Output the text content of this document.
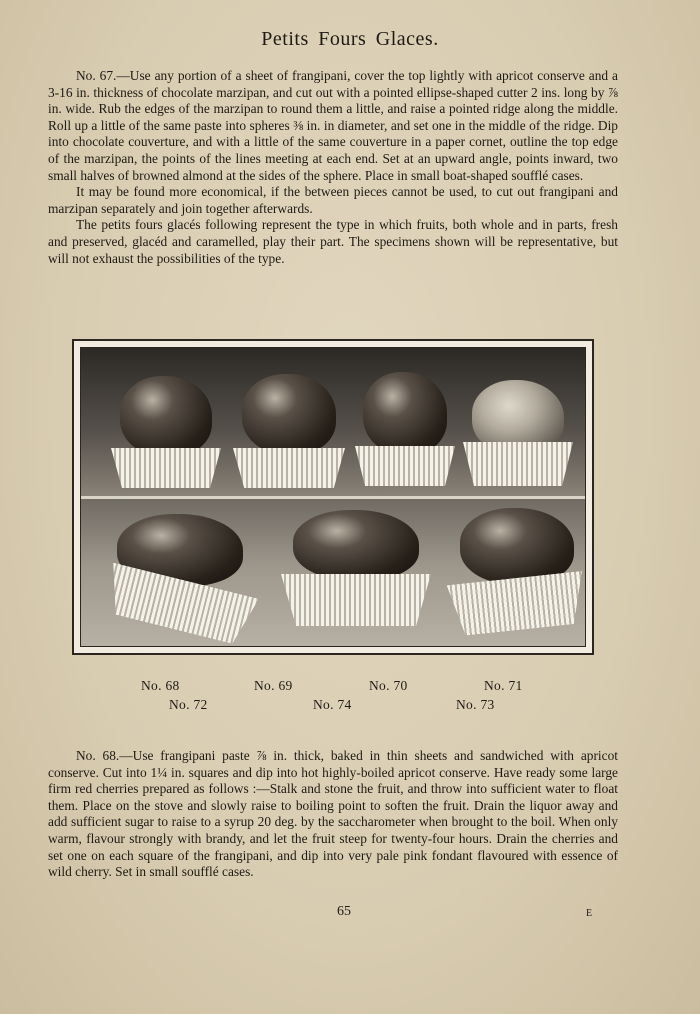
Petits Fours Glaces.

No. 67.—Use any portion of a sheet of frangipani, cover the top lightly with apricot conserve and a 3-16 in. thickness of chocolate marzipan, and cut out with a pointed ellipse-shaped cutter 2 ins. long by ⅞ in. wide. Rub the edges of the marzipan to round them a little, and raise a pointed ridge along the middle. Roll up a little of the same paste into spheres ⅜ in. in diameter, and set one in the middle of the ridge. Dip into chocolate couverture, and with a little of the same couverture in a paper cornet, outline the top edge of the marzipan, the points of the lines meeting at each end. Set at an upward angle, points inward, two small halves of browned almond at the sides of the sphere. Place in small boat-shaped soufflé cases.

It may be found more economical, if the between pieces cannot be used, to cut out frangipani and marzipan separately and join together afterwards.

The petits fours glacés following represent the type in which fruits, both whole and in parts, fresh and preserved, glacéd and caramelled, play their part. The specimens shown will be representative, but will not exhaust the possibilities of the type.

No. 68	No. 69	No. 70	No. 71
No. 72	No. 74	No. 73

No. 68.—Use frangipani paste ⅞ in. thick, baked in thin sheets and sandwiched with apricot conserve. Cut into 1¼ in. squares and dip into hot highly-boiled apricot conserve. Have ready some large firm red cherries prepared as follows :—Stalk and stone the fruit, and throw into sufficient water to float them. Place on the stove and slowly raise to boiling point to soften the fruit. Drain the liquor away and add sufficient sugar to raise to a syrup 20 deg. by the saccharometer when brought to the boil. When only warm, flavour strongly with brandy, and let the fruit steep for twenty-four hours. Drain the cherries and set one on each square of the frangipani, and dip into very pale pink fondant flavoured with essence of wild cherry. Set in small soufflé cases.

65	E
